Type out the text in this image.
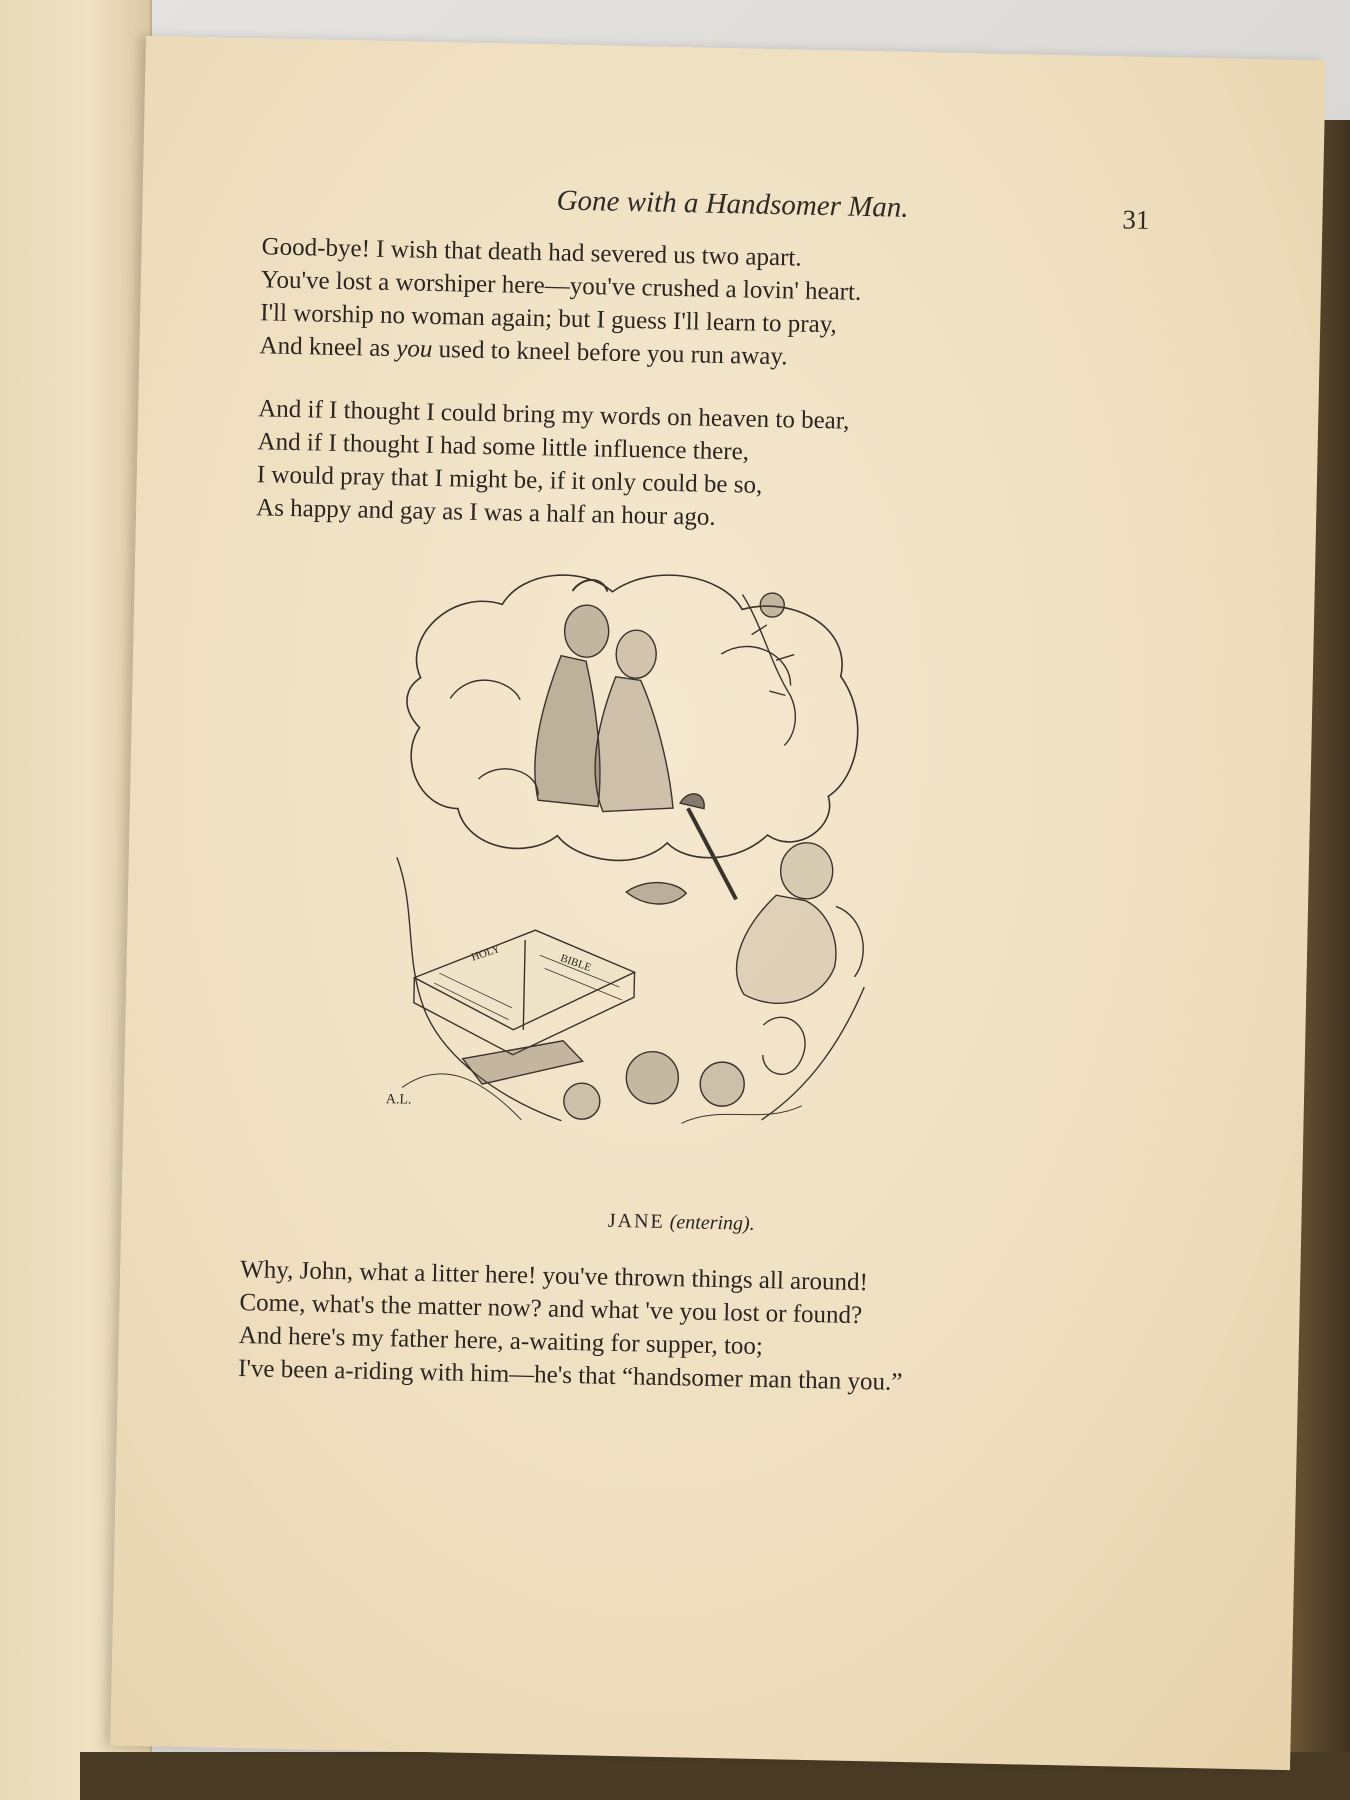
Gone with a Handsomer Man.	31
Good-bye! I wish that death had severed us two apart.
You've lost a worshiper here—you've crushed a lovin' heart.
I'll worship no woman again; but I guess I'll learn to pray,
And kneel as you used to kneel before you run away.
And if I thought I could bring my words on heaven to bear,
And if I thought I had some little influence there,
I would pray that I might be, if it only could be so,
As happy and gay as I was a half an hour ago.
HOLY	BIBLE
A.L.
JANE (entering).
Why, John, what a litter here! you've thrown things all around!
Come, what's the matter now? and what 've you lost or found?
And here's my father here, a-waiting for supper, too;
I've been a-riding with him—he's that “handsomer man than you.”
